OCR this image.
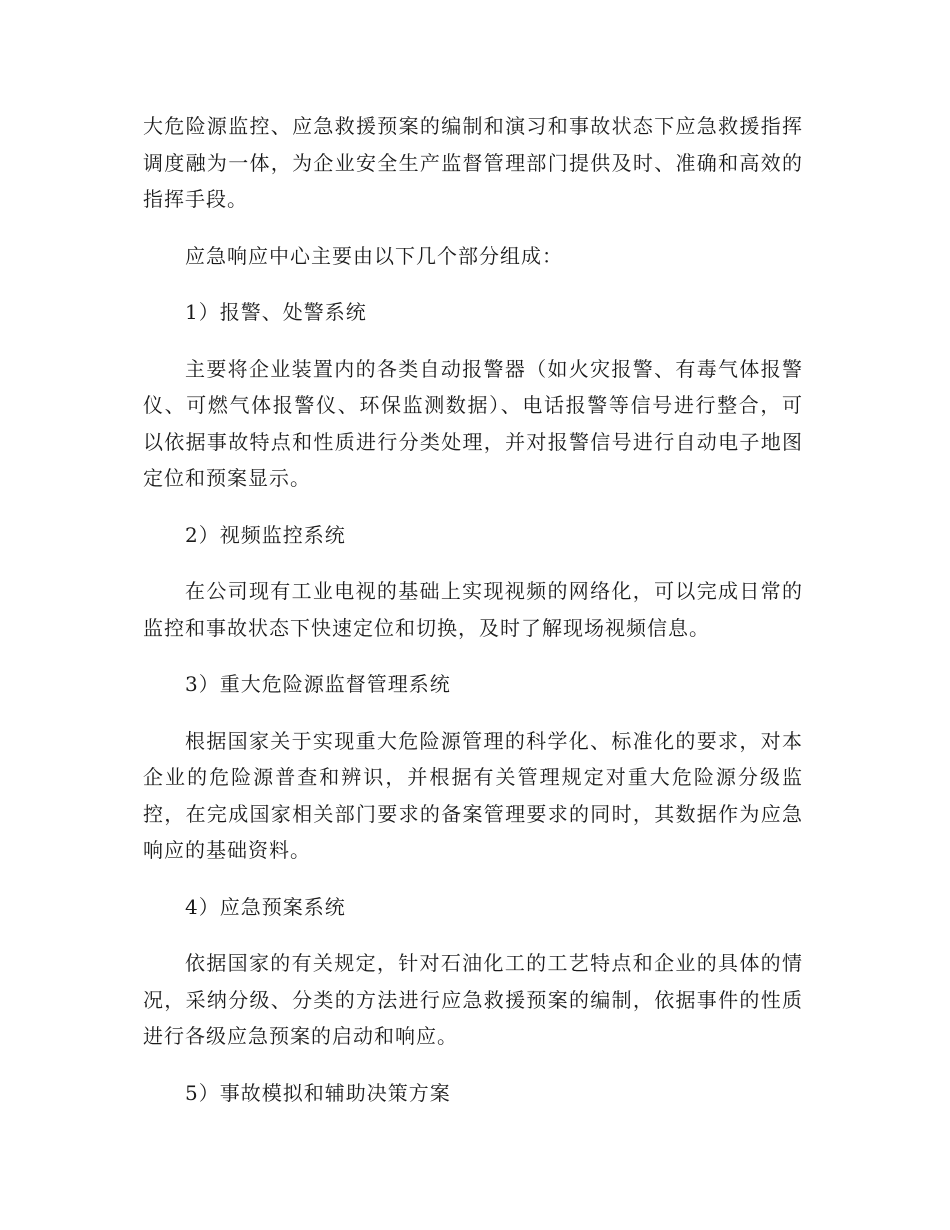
大危险源监控、应急救援预案的编制和演习和事故状态下应急救援指挥调度融为一体，为企业安全生产监督管理部门提供及时、准确和高效的指挥手段。

应急响应中心主要由以下几个部分组成：

1）报警、处警系统

主要将企业装置内的各类自动报警器（如火灾报警、有毒气体报警仪、可燃气体报警仪、环保监测数据）、电话报警等信号进行整合，可以依据事故特点和性质进行分类处理，并对报警信号进行自动电子地图定位和预案显示。

2）视频监控系统

在公司现有工业电视的基础上实现视频的网络化，可以完成日常的监控和事故状态下快速定位和切换，及时了解现场视频信息。

3）重大危险源监督管理系统

根据国家关于实现重大危险源管理的科学化、标准化的要求，对本企业的危险源普查和辨识，并根据有关管理规定对重大危险源分级监控，在完成国家相关部门要求的备案管理要求的同时，其数据作为应急响应的基础资料。

4）应急预案系统

依据国家的有关规定，针对石油化工的工艺特点和企业的具体的情况，采纳分级、分类的方法进行应急救援预案的编制，依据事件的性质进行各级应急预案的启动和响应。

5）事故模拟和辅助决策方案
